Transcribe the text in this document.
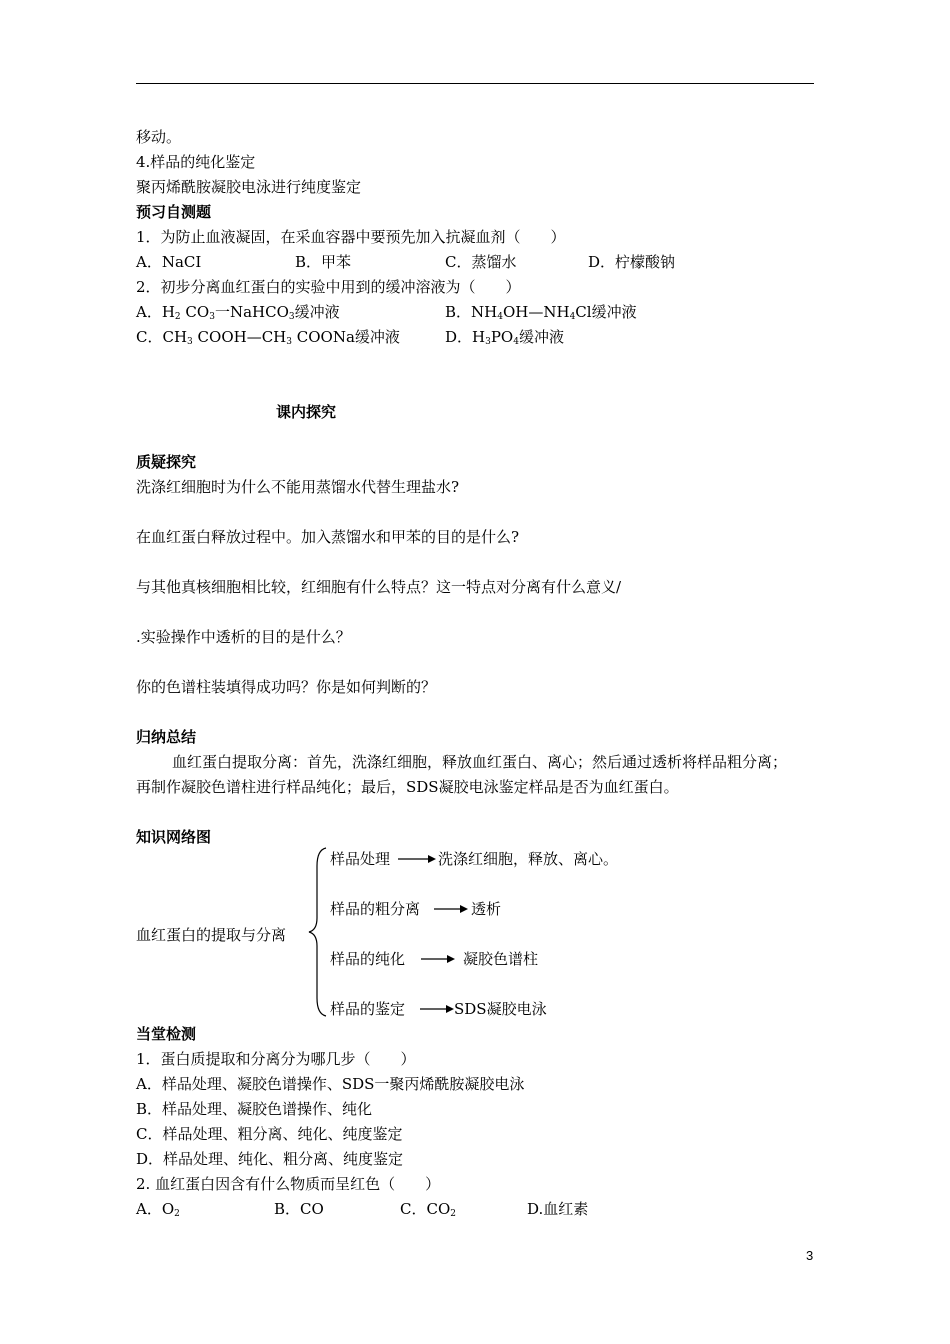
移动。
4.样品的纯化鉴定
聚丙烯酰胺凝胶电泳进行纯度鉴定
预习自测题
1．为防止血液凝固，在采血容器中要预先加入抗凝血剂（　　）
A．NaCI	B．甲苯	C．蒸馏水	D．柠檬酸钠
2．初步分离血红蛋白的实验中用到的缓冲溶液为（　　）
A．$H_2$ $CO_3$一NaHCO$_3$缓冲液	B．$NH_4OH—NH_4Cl$缓冲液
C．$CH_3$ $COOH—CH_3$ COONa缓冲液	D．$H_3PO_4$缓冲液
课内探究
质疑探究
洗涤红细胞时为什么不能用蒸馏水代替生理盐水?
在血红蛋白释放过程中。加入蒸馏水和甲苯的目的是什么?
与其他真核细胞相比较，红细胞有什么特点？这一特点对分离有什么意义/
.实验操作中透析的目的是什么？
你的色谱柱装填得成功吗？你是如何判断的？
归纳总结
血红蛋白提取分离：首先，洗涤红细胞，释放血红蛋白、离心；然后通过透析将样品粗分离；
再制作凝胶色谱柱进行样品纯化；最后，SDS凝胶电泳鉴定样品是否为血红蛋白。
知识网络图
血红蛋白的提取与分离
样品处理	洗涤红细胞，释放、离心。
样品的粗分离	透析
样品的纯化	凝胶色谱柱
样品的鉴定	SDS凝胶电泳
当堂检测
1．蛋白质提取和分离分为哪几步（　　）
A．样品处理、凝胶色谱操作、SDS一聚丙烯酰胺凝胶电泳
B．样品处理、凝胶色谱操作、纯化
C．样品处理、粗分离、纯化、纯度鉴定
D．样品处理、纯化、粗分离、纯度鉴定
2. 血红蛋白因含有什么物质而呈红色（　　）
A．$O_2$	B．CO	C．$CO_2$	D.血红素
3
